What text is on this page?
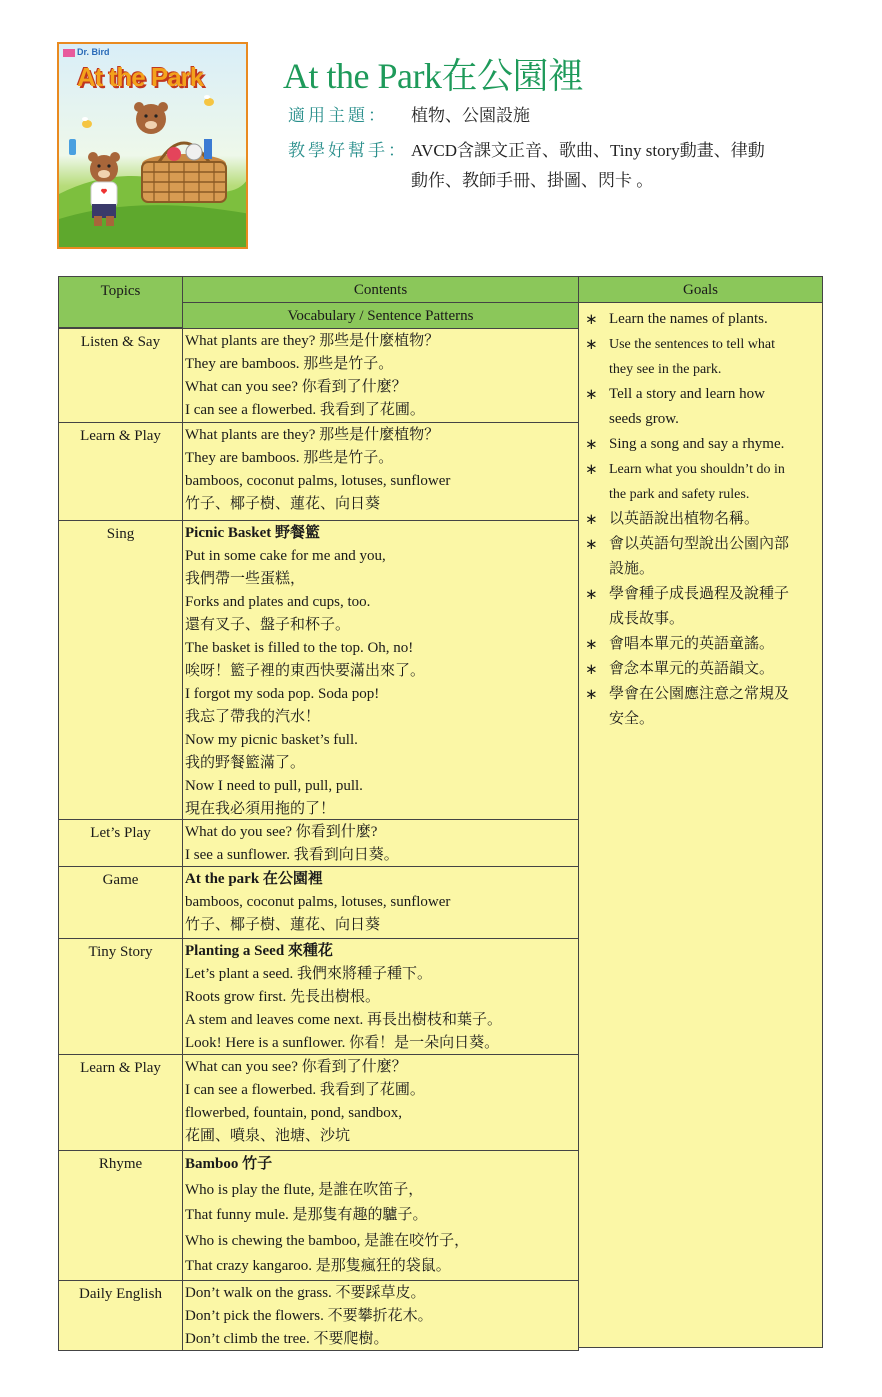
Dr. Bird
At the Park At the Park在公園裡
適用主題： 植物、公園設施
教學好幫手： AVCD含課文正音、歌曲、Tiny story動畫、律動
動作、教師手冊、掛圖、閃卡 。
Topics	Contents
Vocabulary / Sentence Patterns
Goals
∗ Learn the names of plants.
∗ Use the sentences to tell what
they see in the park.
∗ Tell a story and learn how
seeds grow.
∗ Sing a song and say a rhyme.
∗ Learn what you shouldn’t do in
the park and safety rules.
∗ 以英語說出植物名稱。
∗ 會以英語句型說出公園內部
設施。
∗ 學會種子成長過程及說種子
成長故事。
∗ 會唱本單元的英語童謠。
∗ 會念本單元的英語韻文。
∗ 學會在公園應注意之常規及
安全。
Listen & Say	What plants are they? 那些是什麼植物？
They are bamboos. 那些是竹子。
What can you see? 你看到了什麼？
I can see a flowerbed. 我看到了花圃。
Learn & Play	What plants are they? 那些是什麼植物？
They are bamboos. 那些是竹子。
bamboos, coconut palms, lotuses, sunflower
竹子、椰子樹、蓮花、向日葵
Sing	Picnic Basket 野餐籃
Put in some cake for me and you,
我們帶一些蛋糕，
Forks and plates and cups, too.
還有叉子、盤子和杯子。
The basket is filled to the top. Oh, no!
唉呀！籃子裡的東西快要滿出來了。
I forgot my soda pop. Soda pop!
我忘了帶我的汽水！
Now my picnic basket’s full.
我的野餐籃滿了。
Now I need to pull, pull, pull.
現在我必須用拖的了！
Let’s Play	What do you see? 你看到什麼?
I see a sunflower. 我看到向日葵。
Game	At the park 在公園裡
bamboos, coconut palms, lotuses, sunflower
竹子、椰子樹、蓮花、向日葵
Tiny Story	Planting a Seed 來種花
Let’s plant a seed. 我們來將種子種下。
Roots grow first. 先長出樹根。
A stem and leaves come next. 再長出樹枝和葉子。
Look! Here is a sunflower. 你看！是一朵向日葵。
Learn & Play	What can you see? 你看到了什麼？
I can see a flowerbed. 我看到了花圃。
flowerbed, fountain, pond, sandbox,
花圃、噴泉、池塘、沙坑
Rhyme	Bamboo 竹子
Who is play the flute, 是誰在吹笛子，
That funny mule. 是那隻有趣的驢子。
Who is chewing the bamboo, 是誰在咬竹子，
That crazy kangaroo. 是那隻瘋狂的袋鼠。
Daily English	Don’t walk on the grass. 不要踩草皮。
Don’t pick the flowers. 不要攀折花木。
Don’t climb the tree. 不要爬樹。
